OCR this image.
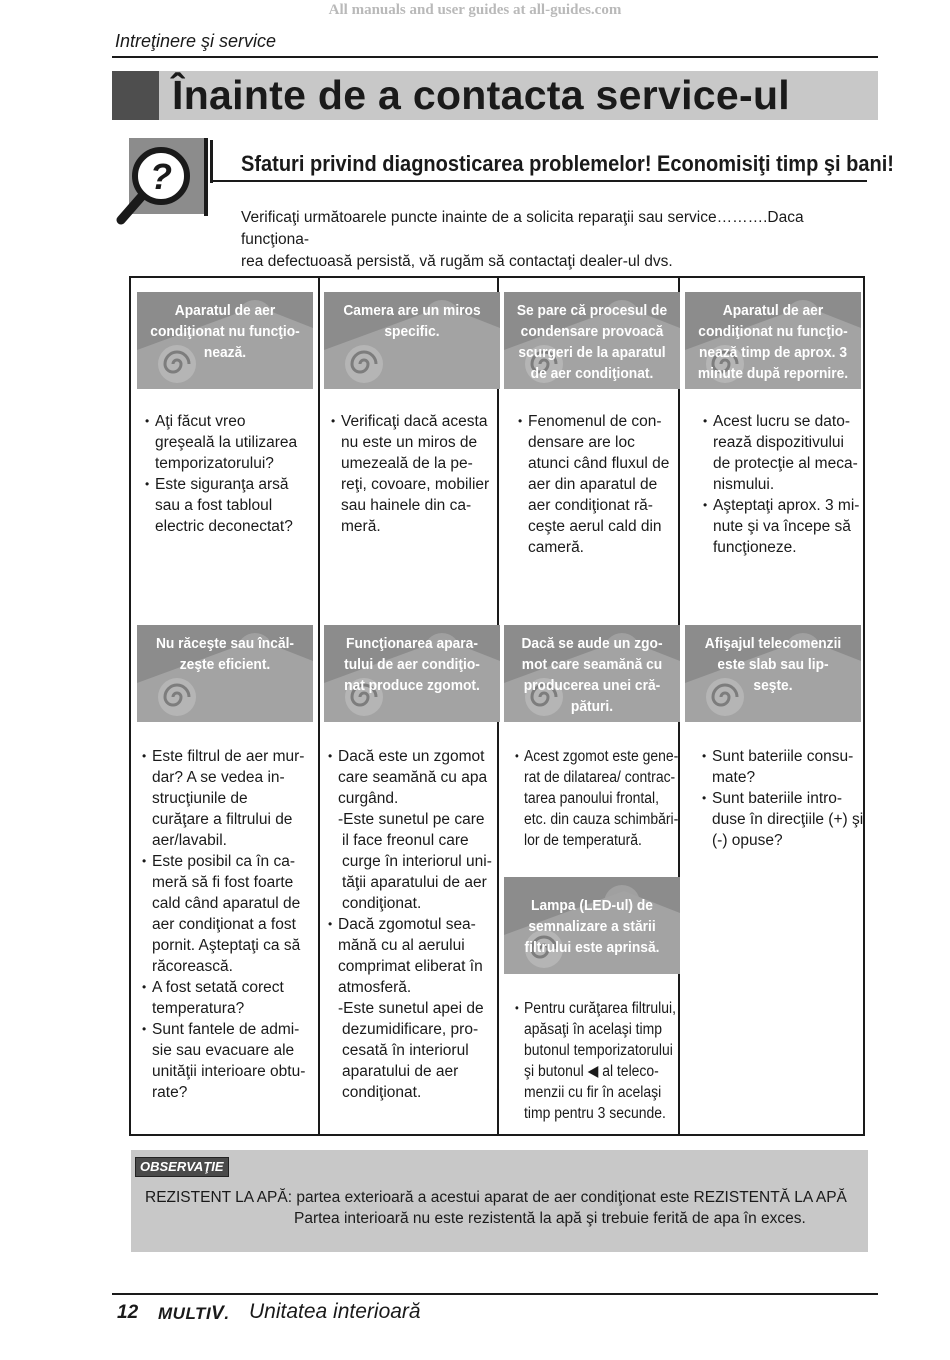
All manuals and user guides at all-guides.com
Intreţinere şi service
Înainte de a contacta service-ul
?	Sfaturi privind diagnosticarea problemelor! Economisiţi timp şi bani!
Verificaţi următoarele puncte inainte de a solicita reparaţii sau service……….Daca funcţiona-
rea defectuoasă persistă, vă rugăm să contactaţi dealer-ul dvs.
Aparatul de aer
condiţionat nu funcţio-
nează.
Camera are un miros
specific.
Se pare că procesul de
condensare provoacă
scurgeri de la aparatul
de aer condiţionat.
Aparatul de aer
condiţionat nu funcţio-
nează timp de aprox. 3
minute după repornire.
• Aţi făcut vreo
greşeală la utilizarea
temporizatorului?
• Este siguranţa arsă
sau a fost tabloul
electric deconectat?
• Verificaţi dacă acesta
nu este un miros de
umezeală de la pe-
reţi, covoare, mobilier
sau hainele din ca-
meră.
• Fenomenul de con-
densare are loc
atunci când fluxul de
aer din aparatul de
aer condiţionat ră-
ceşte aerul cald din
cameră.
• Acest lucru se dato-
rează dispozitivului
de protecţie al meca-
nismului.
• Aşteptaţi aprox. 3 mi-
nute şi va începe să
funcţioneze.
Nu răceşte sau încăl-
zeşte eficient.
Funcţionarea apara-
tului de aer condiţio-
nat produce zgomot.
Dacă se aude un zgo-
mot care seamănă cu
producerea unei cră-
pături.
Afişajul telecomenzii
este slab sau lip-
seşte.
• Este filtrul de aer mur-
dar? A se vedea in-
strucţiunile de
curăţare a filtrului de
aer/lavabil.
• Este posibil ca în ca-
meră să fi fost foarte
cald când aparatul de
aer condiţionat a fost
pornit. Aşteptaţi ca să
răcorească.
• A fost setată corect
temperatura?
• Sunt fantele de admi-
sie sau evacuare ale
unităţii interioare obtu-
rate?
• Dacă este un zgomot
care seamănă cu apa
curgând.
-Este sunetul pe care
il face freonul care
curge în interiorul uni-
tăţii aparatului de aer
condiţionat.
• Dacă zgomotul sea-
mănă cu al aerului
comprimat eliberat în
atmosferă.
-Este sunetul apei de
dezumidificare, pro-
cesată în interiorul
aparatului de aer
condiţionat.
• Acest zgomot este gene-
rat de dilatarea/ contrac-
tarea panoului frontal,
etc. din cauza schimbări-
lor de temperatură.
Lampa (LED-ul) de
semnalizare a stării
filtrului este aprinsă.
• Pentru curăţarea filtrului,
apăsaţi în acelaşi timp
butonul temporizatorului
şi butonul ◀ al teleco-
menzii cu fir în acelaşi
timp pentru 3 secunde.
• Sunt bateriile consu-
mate?
• Sunt bateriile intro-
duse în direcţiile (+) şi
(-) opuse?
OBSERVAŢIE
REZISTENT LA APĂ: partea exterioară a acestui aparat de aer condiţionat este REZISTENTĂ LA APĂ
Partea interioară nu este rezistentă la apă şi trebuie ferită de apa în exces.
12 MULTIV. Unitatea interioară
